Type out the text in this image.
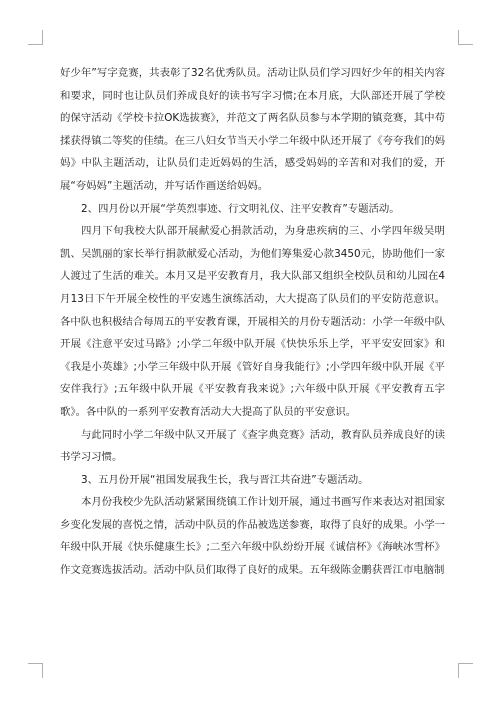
好少年”写字竞赛，共表彰了32名优秀队员。活动让队员们学习四好少年的相关内容和要求，同时也让队员们养成良好的读书写字习惯;在本月底，大队部还开展了学校的保守活动《学校卡拉OK选拔赛》，并范文了两名队员参与本学期的镇竞赛，其中苟揉获得镇二等奖的佳绩。在三八妇女节当天小学二年级中队还开展了《夸夸我们的妈妈》中队主题活动，让队员们走近妈妈的生活，感受妈妈的辛苦和对我们的爱，开展“夸妈妈”主题活动，并写话作画送给妈妈。

2、四月份以开展“学英烈事迹、行文明礼仪、注平安教育”专题活动。

四月下旬我校大队部开展献爱心捐款活动，为身患疾病的三、小学四年级吴明凯、吴凯丽的家长举行捐款献爱心活动，为他们筹集爱心款3450元，协助他们一家人渡过了生活的难关。本月又是平安教育月，我大队部又组织全校队员和幼儿园在4月13日下午开展全校性的平安逃生演练活动，大大提高了队员们的平安防范意识。各中队也积极结合每周五的平安教育课，开展相关的月份专题活动：小学一年级中队开展《注意平安过马路》;小学二年级中队开展《快快乐乐上学，平平安安回家》和《我是小英雄》;小学三年级中队开展《管好自身我能行》;小学四年级中队开展《平安伴我行》;五年级中队开展《平安教育我来说》;六年级中队开展《平安教育五字歌》。各中队的一系列平安教育活动大大提高了队员的平安意识。

与此同时小学二年级中队又开展了《查字典竞赛》活动，教育队员养成良好的读书学习习惯。

3、五月份开展“祖国发展我生长，我与晋江共奋进”专题活动。

本月份我校少先队活动紧紧围绕镇工作计划开展，通过书画写作来表达对祖国家乡变化发展的喜悦之情，活动中队员的作品被选送参赛，取得了良好的成果。小学一年级中队开展《快乐健康生长》;二至六年级中队纷纷开展《诚信杯》《海峡冰雪杯》作文竞赛选拔活动。活动中队员们取得了良好的成果。五年级陈金鹏获晋江市电脑制
